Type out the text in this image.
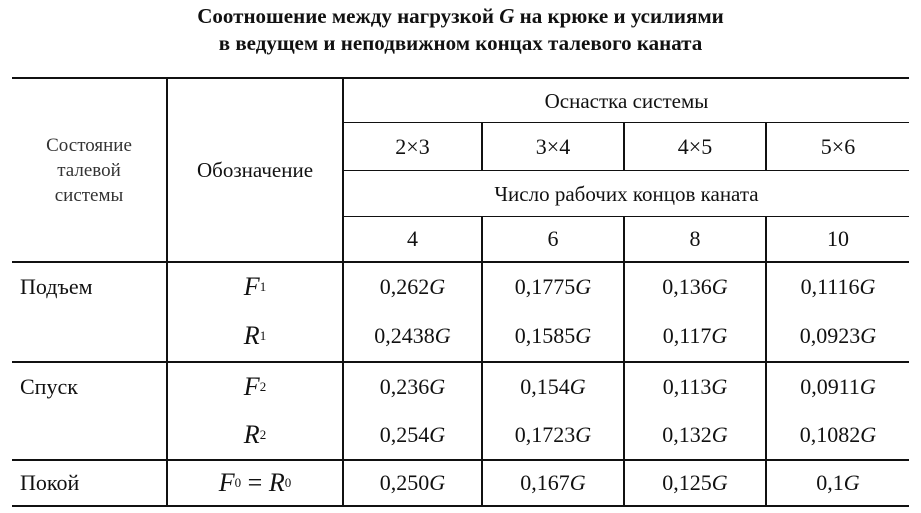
Соотношение между нагрузкой G на крюке и усилиями
в ведущем и неподвижном концах талевого каната
Состояние
талевой
системы
Обозначение
Оснастка системы
2×3	3×4	4×5	5×6
Число рабочих концов каната
4	6	8	10
Подъем	F 1	0,262 G	0,1775 G	0,136 G	0,1116 G
R 1	0,2438 G	0,1585 G	0,117 G	0,0923 G
Спуск	F 2	0,236 G	0,154 G	0,113 G	0,0911 G
R 2	0,254 G	0,1723 G	0,132 G	0,1082 G
Покой	F 0 = R 0	0,250 G	0,167 G	0,125 G	0,1 G
